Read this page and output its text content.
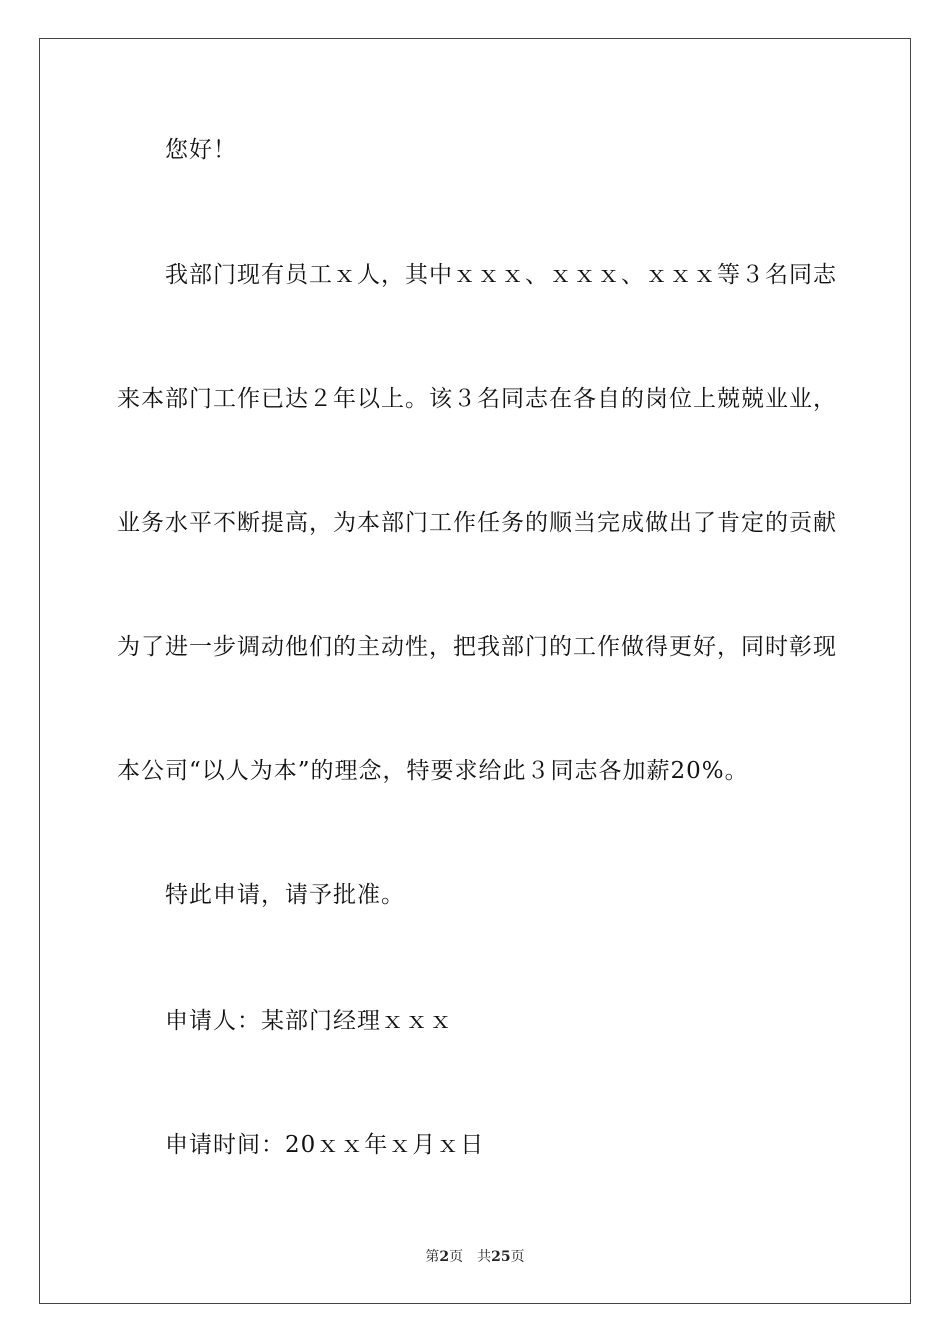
您好！
我部门现有员工ｘ人，其中ｘｘｘ、ｘｘｘ、ｘｘｘ等３名同志
来本部门工作已达２年以上。该３名同志在各自的岗位上兢兢业业，
业务水平不断提高，为本部门工作任务的顺当完成做出了肯定的贡献
为了进一步调动他们的主动性，把我部门的工作做得更好，同时彰现
本公司“以人为本”的理念，特要求给此３同志各加薪20%。
特此申请，请予批准。
申请人：某部门经理ｘｘｘ
申请时间：20ｘｘ年ｘ月ｘ日
第2页 共25页
